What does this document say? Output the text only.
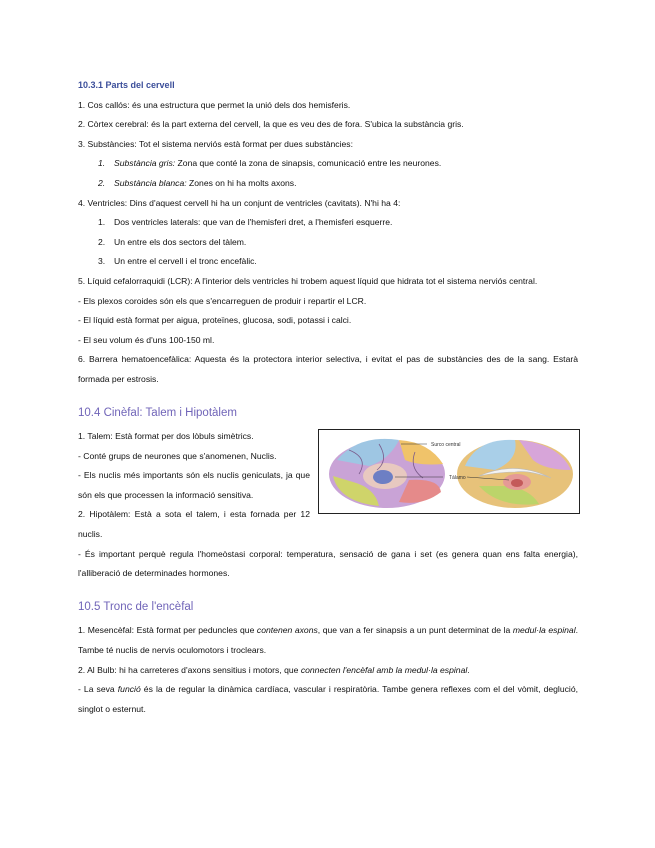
10.3.1 Parts del cervell

1. Cos callós: és una estructura que permet la unió dels dos hemisferis.

2. Còrtex cerebral: és la part externa del cervell, la que es veu des de fora. S'ubica la substància gris.

3. Substàncies: Tot el sistema nerviós està format per dues substàncies:

1. Substància gris: Zona que conté la zona de sinapsis, comunicació entre les neurones.
2. Substància blanca: Zones on hi ha molts axons.

4. Ventricles: Dins d'aquest cervell hi ha un conjunt de ventricles (cavitats). N'hi ha 4:

1. Dos ventricles laterals: que van de l'hemisferi dret, a l'hemisferi esquerre.
2. Un entre els dos sectors del tàlem.
3. Un entre el cervell i el tronc encefàlic.

5. Líquid cefalorraquidi (LCR): A l'interior dels ventricles hi trobem aquest líquid que hidrata tot el sistema nerviós central.

- Els plexos coroides són els que s'encarreguen de produir i repartir el LCR.

- El líquid està format per aigua, proteïnes, glucosa, sodi, potassi i calci.

- El seu volum és d'uns 100-150 ml.

6. Barrera hematoencefàlica: Aquesta és la protectora interior selectiva, i evitat el pas de substàncies des de la sang. Estarà formada per estrosis.

10.4 Cinèfal: Talem i Hipotàlem

1. Talem: Està format per dos lòbuls simètrics.

- Conté grups de neurones que s'anomenen, Nuclis.

- Els nuclis més importants són els nuclis geniculats, ja que són els que processen la informació sensitiva.

2. Hipotàlem: Està a sota el talem, i esta fornada per 12 nuclis.

Surco central
Tálamo

- És important perquè regula l'homeòstasi corporal: temperatura, sensació de gana i set (es genera quan ens falta energia), l'alliberació de determinades hormones.

10.5 Tronc de l'encèfal

1. Mesencèfal: Està format per peduncles que contenen axons, que van a fer sinapsis a un punt determinat de la medul·la espinal. Tambe té nuclis de nervis oculomotors i troclears.

2. Al Bulb: hi ha carreteres d'axons sensitius i motors, que connecten l'encèfal amb la medul·la espinal.

- La seva funció és la de regular la dinàmica cardíaca, vascular i respiratòria. Tambe genera reflexes com el del vòmit, deglució, singlot o esternut.
